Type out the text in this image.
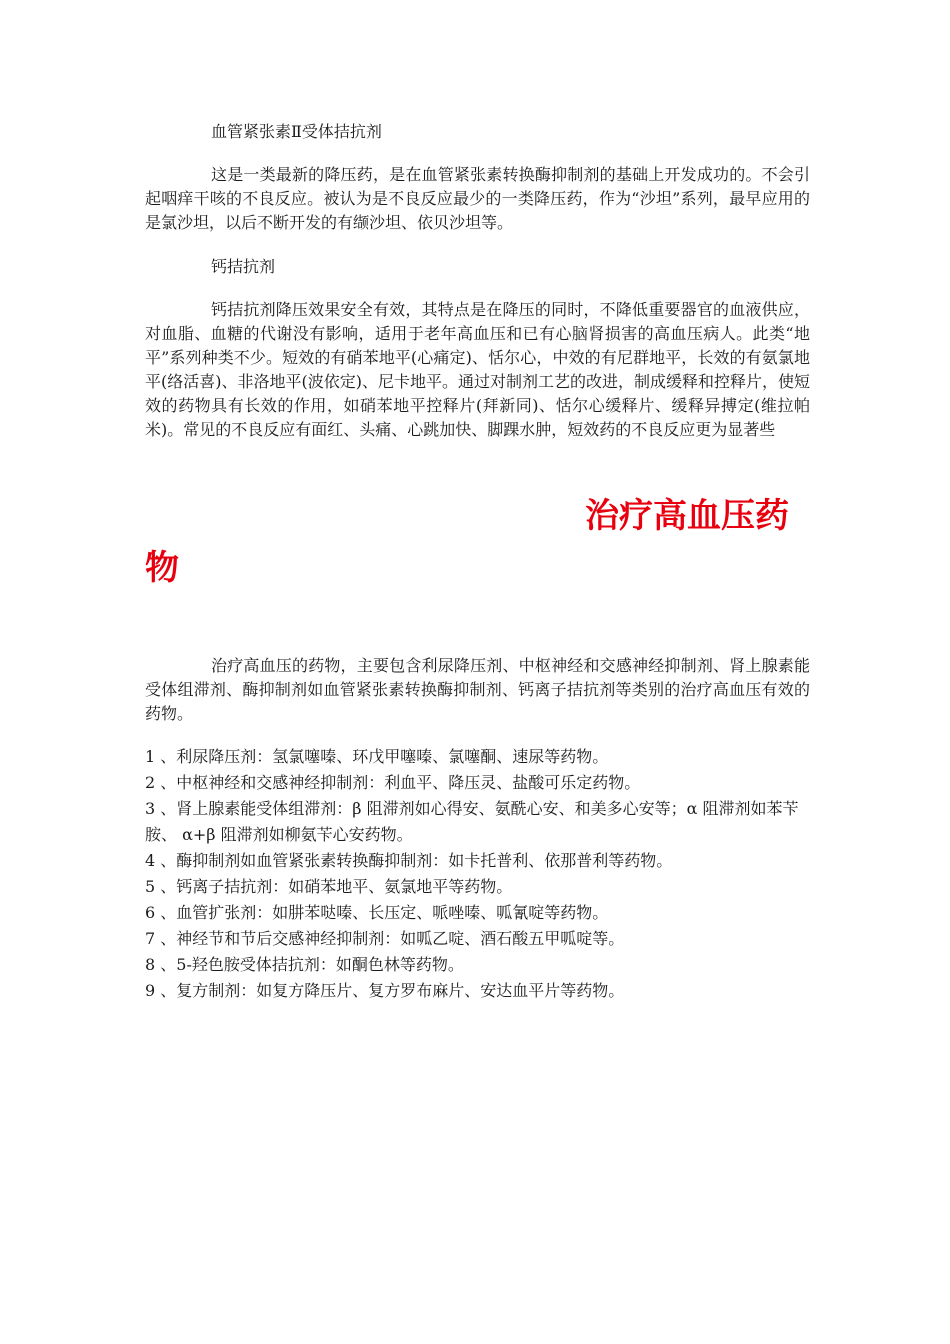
血管紧张素Ⅱ受体拮抗剂

这是一类最新的降压药，是在血管紧张素转换酶抑制剂的基础上开发成功的。不会引起咽痒干咳的不良反应。被认为是不良反应最少的一类降压药，作为“沙坦”系列，最早应用的是氯沙坦，以后不断开发的有缬沙坦、依贝沙坦等。

钙拮抗剂

钙拮抗剂降压效果安全有效，其特点是在降压的同时，不降低重要器官的血液供应，对血脂、血糖的代谢没有影响，适用于老年高血压和已有心脑肾损害的高血压病人。此类“地平”系列种类不少。短效的有硝苯地平(心痛定)、恬尔心，中效的有尼群地平，长效的有氨氯地平(络活喜)、非洛地平(波依定)、尼卡地平。通过对制剂工艺的改进，制成缓释和控释片，使短效的药物具有长效的作用，如硝苯地平控释片(拜新同)、恬尔心缓释片、缓释异搏定(维拉帕米)。常见的不良反应有面红、头痛、心跳加快、脚踝水肿，短效药的不良反应更为显著些

治疗高血压药物

治疗高血压的药物，主要包含利尿降压剂、中枢神经和交感神经抑制剂、肾上腺素能受体组滞剂、酶抑制剂如血管紧张素转换酶抑制剂、钙离子拮抗剂等类别的治疗高血压有效的药物。

1 、利尿降压剂：氢氯噻嗪、环戊甲噻嗪、氯噻酮、速尿等药物。
2 、中枢神经和交感神经抑制剂：利血平、降压灵、盐酸可乐定药物。
3 、肾上腺素能受体组滞剂：β 阻滞剂如心得安、氨酰心安、和美多心安等；α 阻滞剂如苯苄胺、 α+β 阻滞剂如柳氨苄心安药物。
4 、酶抑制剂如血管紧张素转换酶抑制剂：如卡托普利、依那普利等药物。
5 、钙离子拮抗剂：如硝苯地平、氨氯地平等药物。
6 、血管扩张剂：如肼苯哒嗪、长压定、哌唑嗪、呱氰啶等药物。
7 、神经节和节后交感神经抑制剂：如呱乙啶、酒石酸五甲呱啶等。
8 、5-羟色胺受体拮抗剂：如酮色林等药物。
9 、复方制剂：如复方降压片、复方罗布麻片、安达血平片等药物。
